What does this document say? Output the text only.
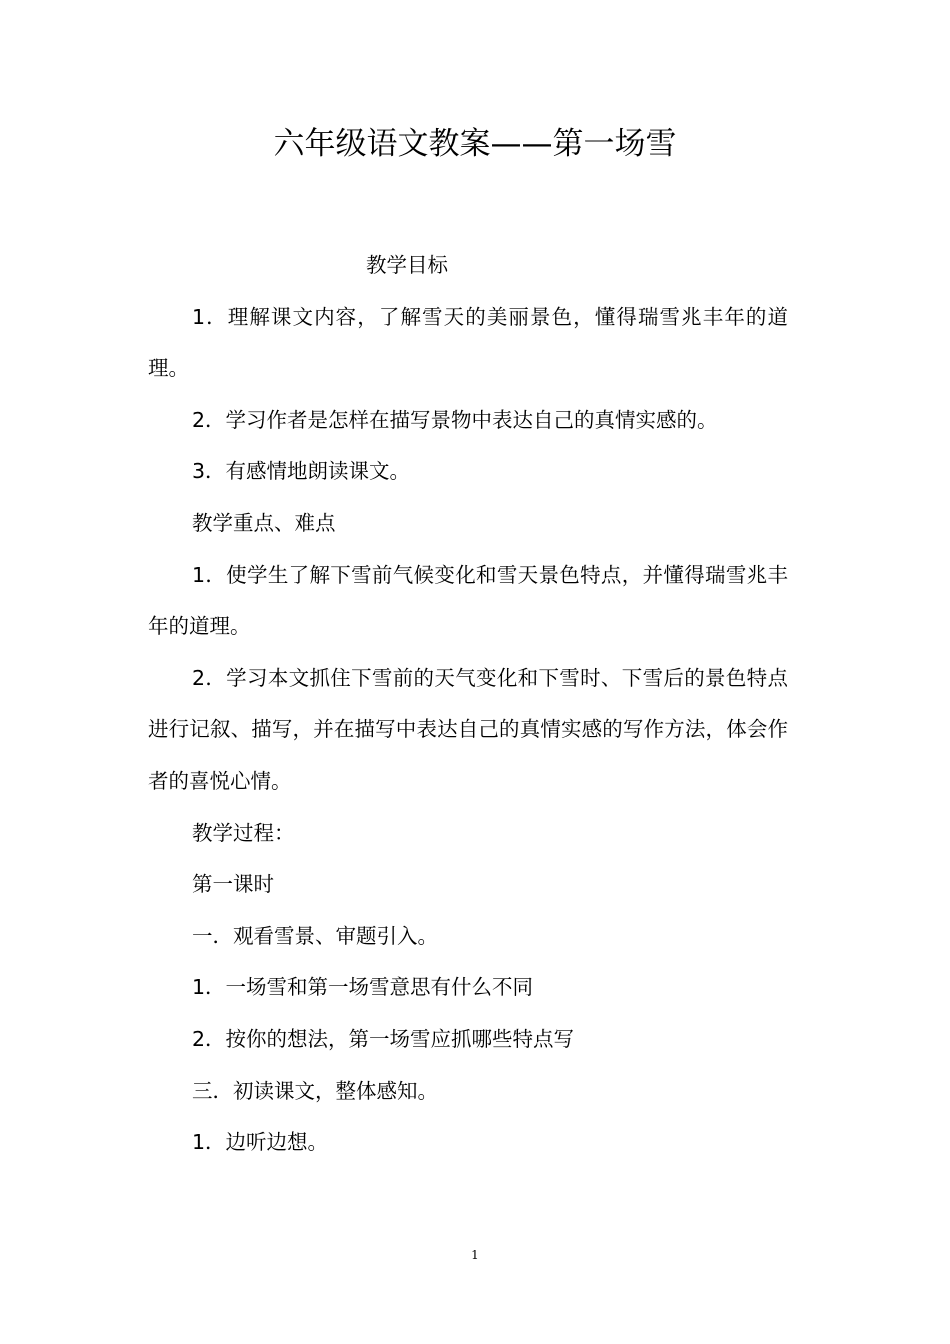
六年级语文教案——第一场雪

教学目标

1．理解课文内容，了解雪天的美丽景色，懂得瑞雪兆丰年的道理。

2．学习作者是怎样在描写景物中表达自己的真情实感的。

3．有感情地朗读课文。

教学重点、难点

1．使学生了解下雪前气候变化和雪天景色特点，并懂得瑞雪兆丰年的道理。

2．学习本文抓住下雪前的天气变化和下雪时、下雪后的景色特点进行记叙、描写，并在描写中表达自己的真情实感的写作方法，体会作者的喜悦心情。

教学过程：

第一课时

一．观看雪景、审题引入。

1．一场雪和第一场雪意思有什么不同

2．按你的想法，第一场雪应抓哪些特点写

三．初读课文，整体感知。

1．边听边想。

1
